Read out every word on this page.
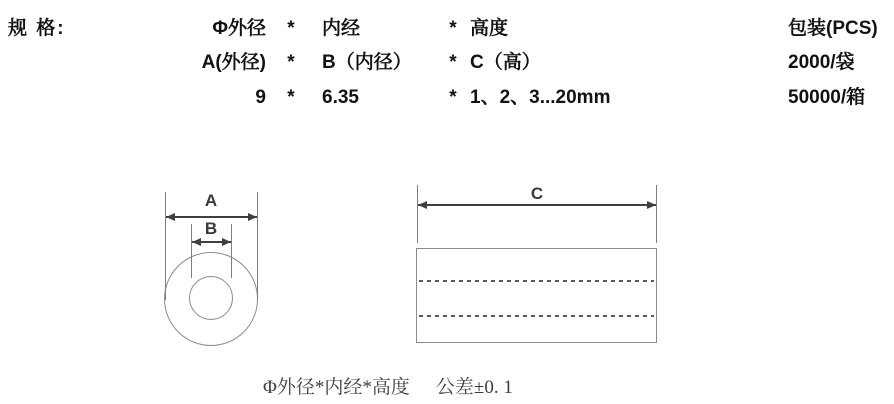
规 格:	Φ外径	*	内经	* 高度	包装(PCS)
A(外径)	*	B（内径）	* C（高）	2000/袋
9	*	6.35	* 1、2、3...20mm	50000/箱
A
B
C
Φ外径*内经*高度 公差±0. 1
